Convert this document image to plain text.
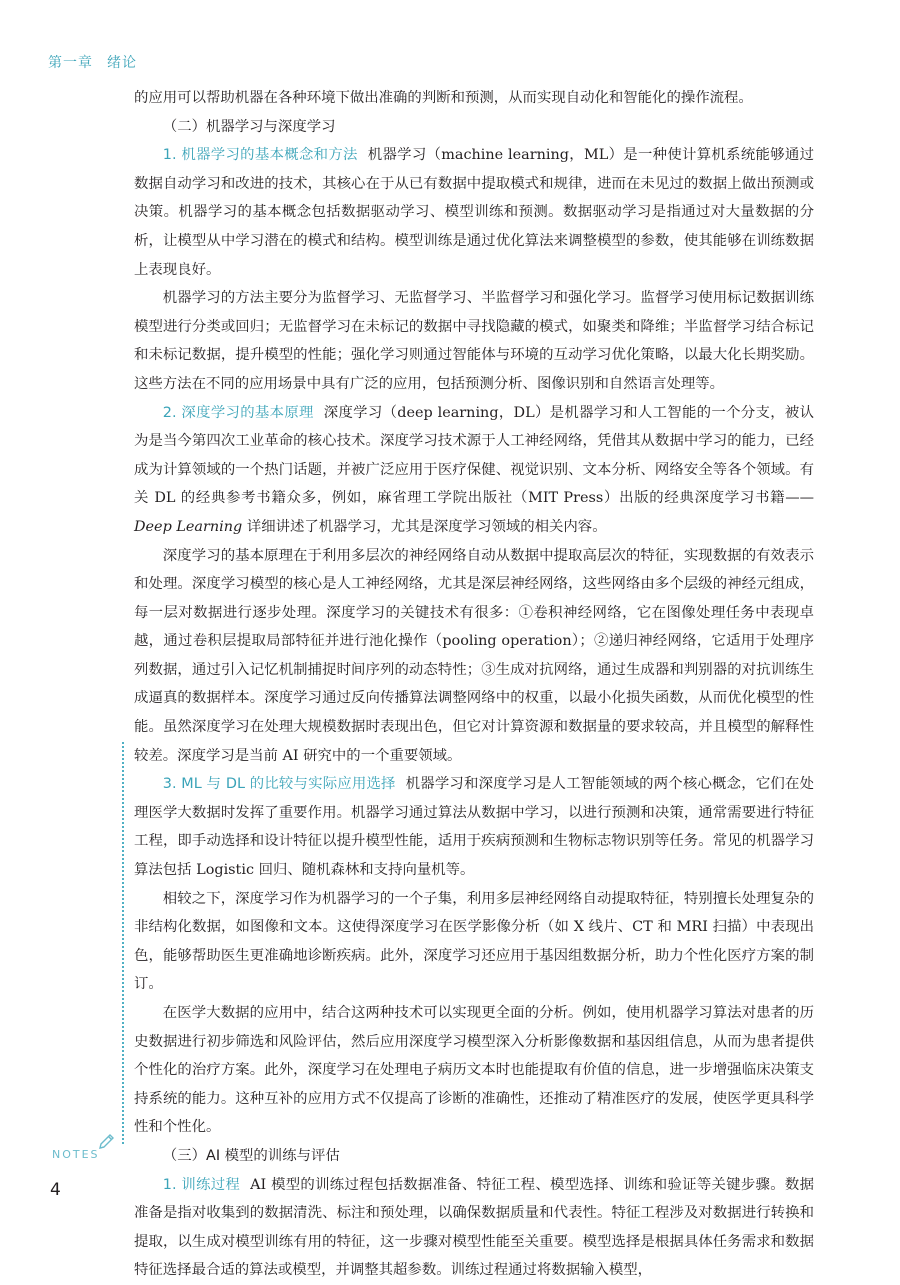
第一章 绪论

的应用可以帮助机器在各种环境下做出准确的判断和预测，从而实现自动化和智能化的操作流程。

（二）机器学习与深度学习

1. 机器学习的基本概念和方法 机器学习（machine learning，ML）是一种使计算机系统能够通过数据自动学习和改进的技术，其核心在于从已有数据中提取模式和规律，进而在未见过的数据上做出预测或决策。机器学习的基本概念包括数据驱动学习、模型训练和预测。数据驱动学习是指通过对大量数据的分析，让模型从中学习潜在的模式和结构。模型训练是通过优化算法来调整模型的参数，使其能够在训练数据上表现良好。

机器学习的方法主要分为监督学习、无监督学习、半监督学习和强化学习。监督学习使用标记数据训练模型进行分类或回归；无监督学习在未标记的数据中寻找隐藏的模式，如聚类和降维；半监督学习结合标记和未标记数据，提升模型的性能；强化学习则通过智能体与环境的互动学习优化策略，以最大化长期奖励。这些方法在不同的应用场景中具有广泛的应用，包括预测分析、图像识别和自然语言处理等。

2. 深度学习的基本原理 深度学习（deep learning，DL）是机器学习和人工智能的一个分支，被认为是当今第四次工业革命的核心技术。深度学习技术源于人工神经网络，凭借其从数据中学习的能力，已经成为计算领域的一个热门话题，并被广泛应用于医疗保健、视觉识别、文本分析、网络安全等各个领域。有关 DL 的经典参考书籍众多，例如，麻省理工学院出版社（MIT Press）出版的经典深度学习书籍——Deep Learning 详细讲述了机器学习，尤其是深度学习领域的相关内容。

深度学习的基本原理在于利用多层次的神经网络自动从数据中提取高层次的特征，实现数据的有效表示和处理。深度学习模型的核心是人工神经网络，尤其是深层神经网络，这些网络由多个层级的神经元组成，每一层对数据进行逐步处理。深度学习的关键技术有很多：①卷积神经网络，它在图像处理任务中表现卓越，通过卷积层提取局部特征并进行池化操作（pooling operation）；②递归神经网络，它适用于处理序列数据，通过引入记忆机制捕捉时间序列的动态特性；③生成对抗网络，通过生成器和判别器的对抗训练生成逼真的数据样本。深度学习通过反向传播算法调整网络中的权重，以最小化损失函数，从而优化模型的性能。虽然深度学习在处理大规模数据时表现出色，但它对计算资源和数据量的要求较高，并且模型的解释性较差。深度学习是当前 AI 研究中的一个重要领域。

3. ML 与 DL 的比较与实际应用选择 机器学习和深度学习是人工智能领域的两个核心概念，它们在处理医学大数据时发挥了重要作用。机器学习通过算法从数据中学习，以进行预测和决策，通常需要进行特征工程，即手动选择和设计特征以提升模型性能，适用于疾病预测和生物标志物识别等任务。常见的机器学习算法包括 Logistic 回归、随机森林和支持向量机等。

相较之下，深度学习作为机器学习的一个子集，利用多层神经网络自动提取特征，特别擅长处理复杂的非结构化数据，如图像和文本。这使得深度学习在医学影像分析（如 X 线片、CT 和 MRI 扫描）中表现出色，能够帮助医生更准确地诊断疾病。此外，深度学习还应用于基因组数据分析，助力个性化医疗方案的制订。

在医学大数据的应用中，结合这两种技术可以实现更全面的分析。例如，使用机器学习算法对患者的历史数据进行初步筛选和风险评估，然后应用深度学习模型深入分析影像数据和基因组信息，从而为患者提供个性化的治疗方案。此外，深度学习在处理电子病历文本时也能提取有价值的信息，进一步增强临床决策支持系统的能力。这种互补的应用方式不仅提高了诊断的准确性，还推动了精准医疗的发展，使医学更具科学性和个性化。

（三）AI 模型的训练与评估

1. 训练过程 AI 模型的训练过程包括数据准备、特征工程、模型选择、训练和验证等关键步骤。数据准备是指对收集到的数据清洗、标注和预处理，以确保数据质量和代表性。特征工程涉及对数据进行转换和提取，以生成对模型训练有用的特征，这一步骤对模型性能至关重要。模型选择是根据具体任务需求和数据特征选择最合适的算法或模型，并调整其超参数。训练过程通过将数据输入模型，

NOTES
4
